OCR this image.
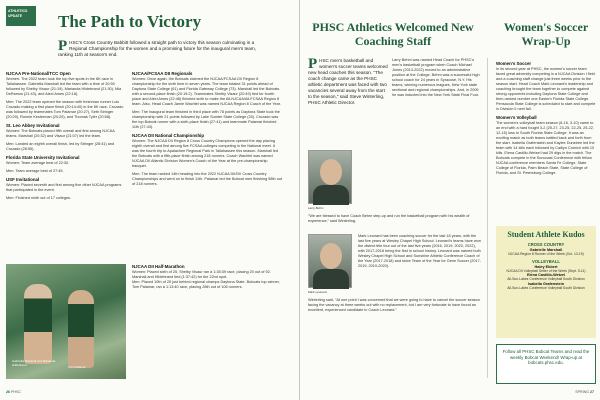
ATHLETICS
UPDATE	The Path to Victory
P HSC's Cross Country Babbitt followed a straight path to victory this season culminating in a Regional Championship for the women and a promising future for the inaugural men's team, ranking 11th at season's end.
NJCAA Pre-National/TCC Open

Women: The 2022 team took the top five spots in the 8K race in Tallahassee. Gabriella Marshall led the team with a time of 20:50 followed by Shelby Visaur (21:19), Marianda Hildebrand (21:30), Mia DeRamus (21:43), and Alexi Ames (22:18).

Men: The 2022 team opened the season with freshman runner Luis Cruzado making a first place finish (20:14:40) in the 8K race. Cruzado was followed by teammates Tom Palamar (20:27), Seth Stringer (20:29), Ronnie Kesterman (20:29), and Thomas Tyler (20:58).

St. Leo Abbey Invitational

Women: The Bobcats placed fifth overall and first among NJCAA teams. Marshall (20:32) and Visaur (21:07) led the team.

Men: Landed an eighth overall finish, led by Stringer (28:41) and Cruzado (28:55).

Florida State University Invitational

Women: Team average best of 22:30.

Men: Team average best of 27:45.

USF Invitational

Women: Placed seventh and first among five other NJCAA programs that participated in the event.

Men: Finished ninth out of 17 colleges.

NJCAA/FCSAA DII Regionals

Women: Once again, the Bobcats claimed the NJCAA/FCSAA DII Region 8 championship for the sixth time in seven years. The team totaled 31 points ahead of Daytona State College (61) and Florida Gateway College (73). Marshall led the Bobcats with a second-place finish (20:19:2). Teammates Shelby Visaur (20:49) tied for fourth place and Alexi Ames (22:48) finished sixth to make the All-NJCAA/All-FCSAA Region 8 team. Also, Head Coach Jamie Wachtel was named NJCAA Region 8 Coach of the Year.

Men: The inaugural team finished in third place with 78 points as Daytona State took the championship with 21 points followed by Lake Sumter State College (33). Cruzado was the top Bobcat runner with a sixth-place finish (27:41) and teammate Palamar finished 11th (27:43).

NJCAA DII National Championship

Women: The NJCAA DII Region 8 Cross Country Champions opened the day placing eighth overall and first among five FCSAA colleges competing in the National meet. It was the fourth trip to Apalachee Regional Park in Tallahassee this season. Marshall led the Bobcats with a fifth-place finish among 218 runners. Coach Wachtel was named NJCAA DII Atlantic Division Women's Coach of the Year at the pre-championship banquet.

Men: The team ranked 14th heading into the 2022 NJCAA DII/DII Cross Country Championships and went on to finish 11th. Palamar led the Bobcat men finishing 58th out of 218 runners.

Gabriella Marshall and Marianda Hildebrand
Tom Palamar
NJCAA DII Half-Marathon

Women: Placed sixth of 25. Shelby Visaur ran a 1:35:39 race, placing 20 out of 92. Marshall and Hildebrand tied (1:37:42) for the 22nd spot.

Men: Placed 10th of 25 just behind regional champs Daytona State. Bobcats top winner, Tom Palamar, ran a 1:13:40 race, placing 28th out of 106 runners.

26 PHSC
PHSC Athletics Welcomed New Coaching Staff
Women's Soccer Wrap-Up
P HSC men's basketball and women's soccer teams welcomed new head coaches this season. "The coach change came as the PHSC athletic department was faced with two vacancies several away from the start to the season," said Steve Winterling, PHSC Athletic Director.

Larry Behm was named Head Coach for PHSC's men's basketball program when Coach Michael Jones (2013-2022) moved to an administrative position at the College. Behm was a successful high school coach for 24 years in Syracuse, N.Y. His teams, winning numerous leagues, New York state sectional and regional championships. And, in 2009 he was inducted into the New York State Final Four.

Larry Behm

"We are blessed to have Coach Behm step-up and run the basketball program with his wealth of experience," said Winterling.

Mark Leonard

Mark Leonard has been coaching soccer for the last 18 years, with the last five years at Wesley Chapel High School. Leonard's teams have won the district title four out of the last five years (2016, 2019, 2020, 2022), with 2017-2018 being the first in school history. Leonard was named both Wesley Chapel High School and Sunshine Athletic Conference Coach of the Year (2017-2018) and twice Team of the Year for Gene Soccer (2017-2019, 2019-2020).

Winterling said, "At one point I was concerned that we were going to have to cancel the soccer season facing the vacancy at three weeks out with no replacement, but I am very fortunate to have found an excellent, experienced candidate in Coach Leonard."

Women's Soccer

In its second year at PHSC, the women's soccer team faced great adversity competing in a NJCAA Division I field and a coaching staff change just three weeks prior to the season start. Head Coach Mark Leonard's leadership and coaching brought the team together to compete against strong opponents including Daytona State College and then-ranked number one Eastern Florida State College. Pensacola State College is scheduled to start and compete in Division II next fall.

Women's Volleyball

The women's volleyball team season (8-16, 3-10) came to an end with a hard fought 3-2 (25-27, 23-25, 22-25, 25-22, 12-15) loss to South Florida State College. It was an exciting match as both teams battled back and forth from the start. Isabella Grafenstein and Kaylee Dunstree led the team with 14 kills each followed by Caitlyn Cronich with 10 kills. Elena Castillo-Wetzel had 29 digs in the match. The Bobcats compete in the Suncoast Conference with fellow NJCAA conference members Santa Fe College, State College of Florida, Palm Beach State, State College of Florida, and St. Petersburg College.

Student Athlete Kudos
CROSS COUNTRY
Gabrielle Marshall
NJCAA Region 8 Runner of the Week (Oct. 13-19)
VOLLEYBALL
Haley Ekbert
NJCAA DII Volleyball Setter of the Week (Sept. 5-11)
Elena Castillo-Wetzel
All-Sun-Lakes Conference Volleyball South Division
Isabella Grafenstein
All-Sun-Lakes Conference Volleyball South Division
Follow all PHSC Bobcat Teams and read the weekly Bobcat Weekend! Wrap-up at bobcats.phsc.edu.
SPRING 27
